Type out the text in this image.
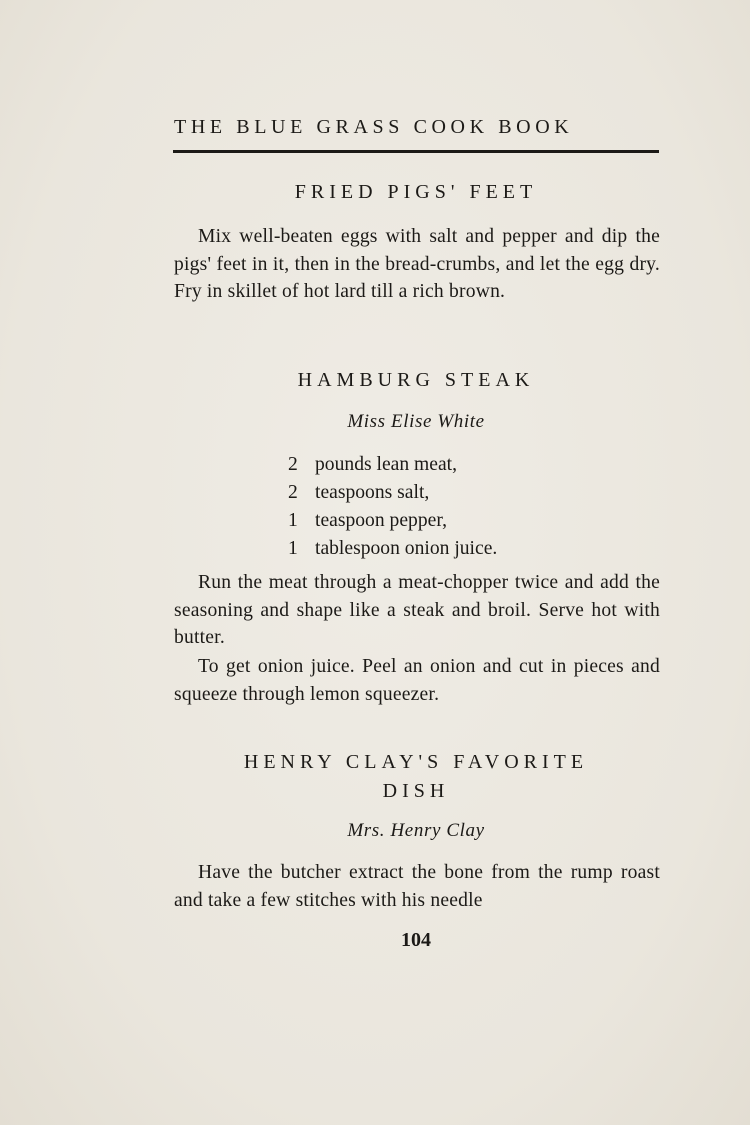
THE BLUE GRASS COOK BOOK
FRIED PIGS' FEET

Mix well-beaten eggs with salt and pepper and dip the pigs' feet in it, then in the bread-crumbs, and let the egg dry. Fry in skillet of hot lard till a rich brown.

HAMBURG STEAK
Miss Elise White
2 pounds lean meat,
2 teaspoons salt,
1 teaspoon pepper,
1 tablespoon onion juice.

Run the meat through a meat-chopper twice and add the seasoning and shape like a steak and broil. Serve hot with butter.

To get onion juice. Peel an onion and cut in pieces and squeeze through lemon squeezer.

HENRY CLAY'S FAVORITE
DISH
Mrs. Henry Clay

Have the butcher extract the bone from the rump roast and take a few stitches with his needle

104
